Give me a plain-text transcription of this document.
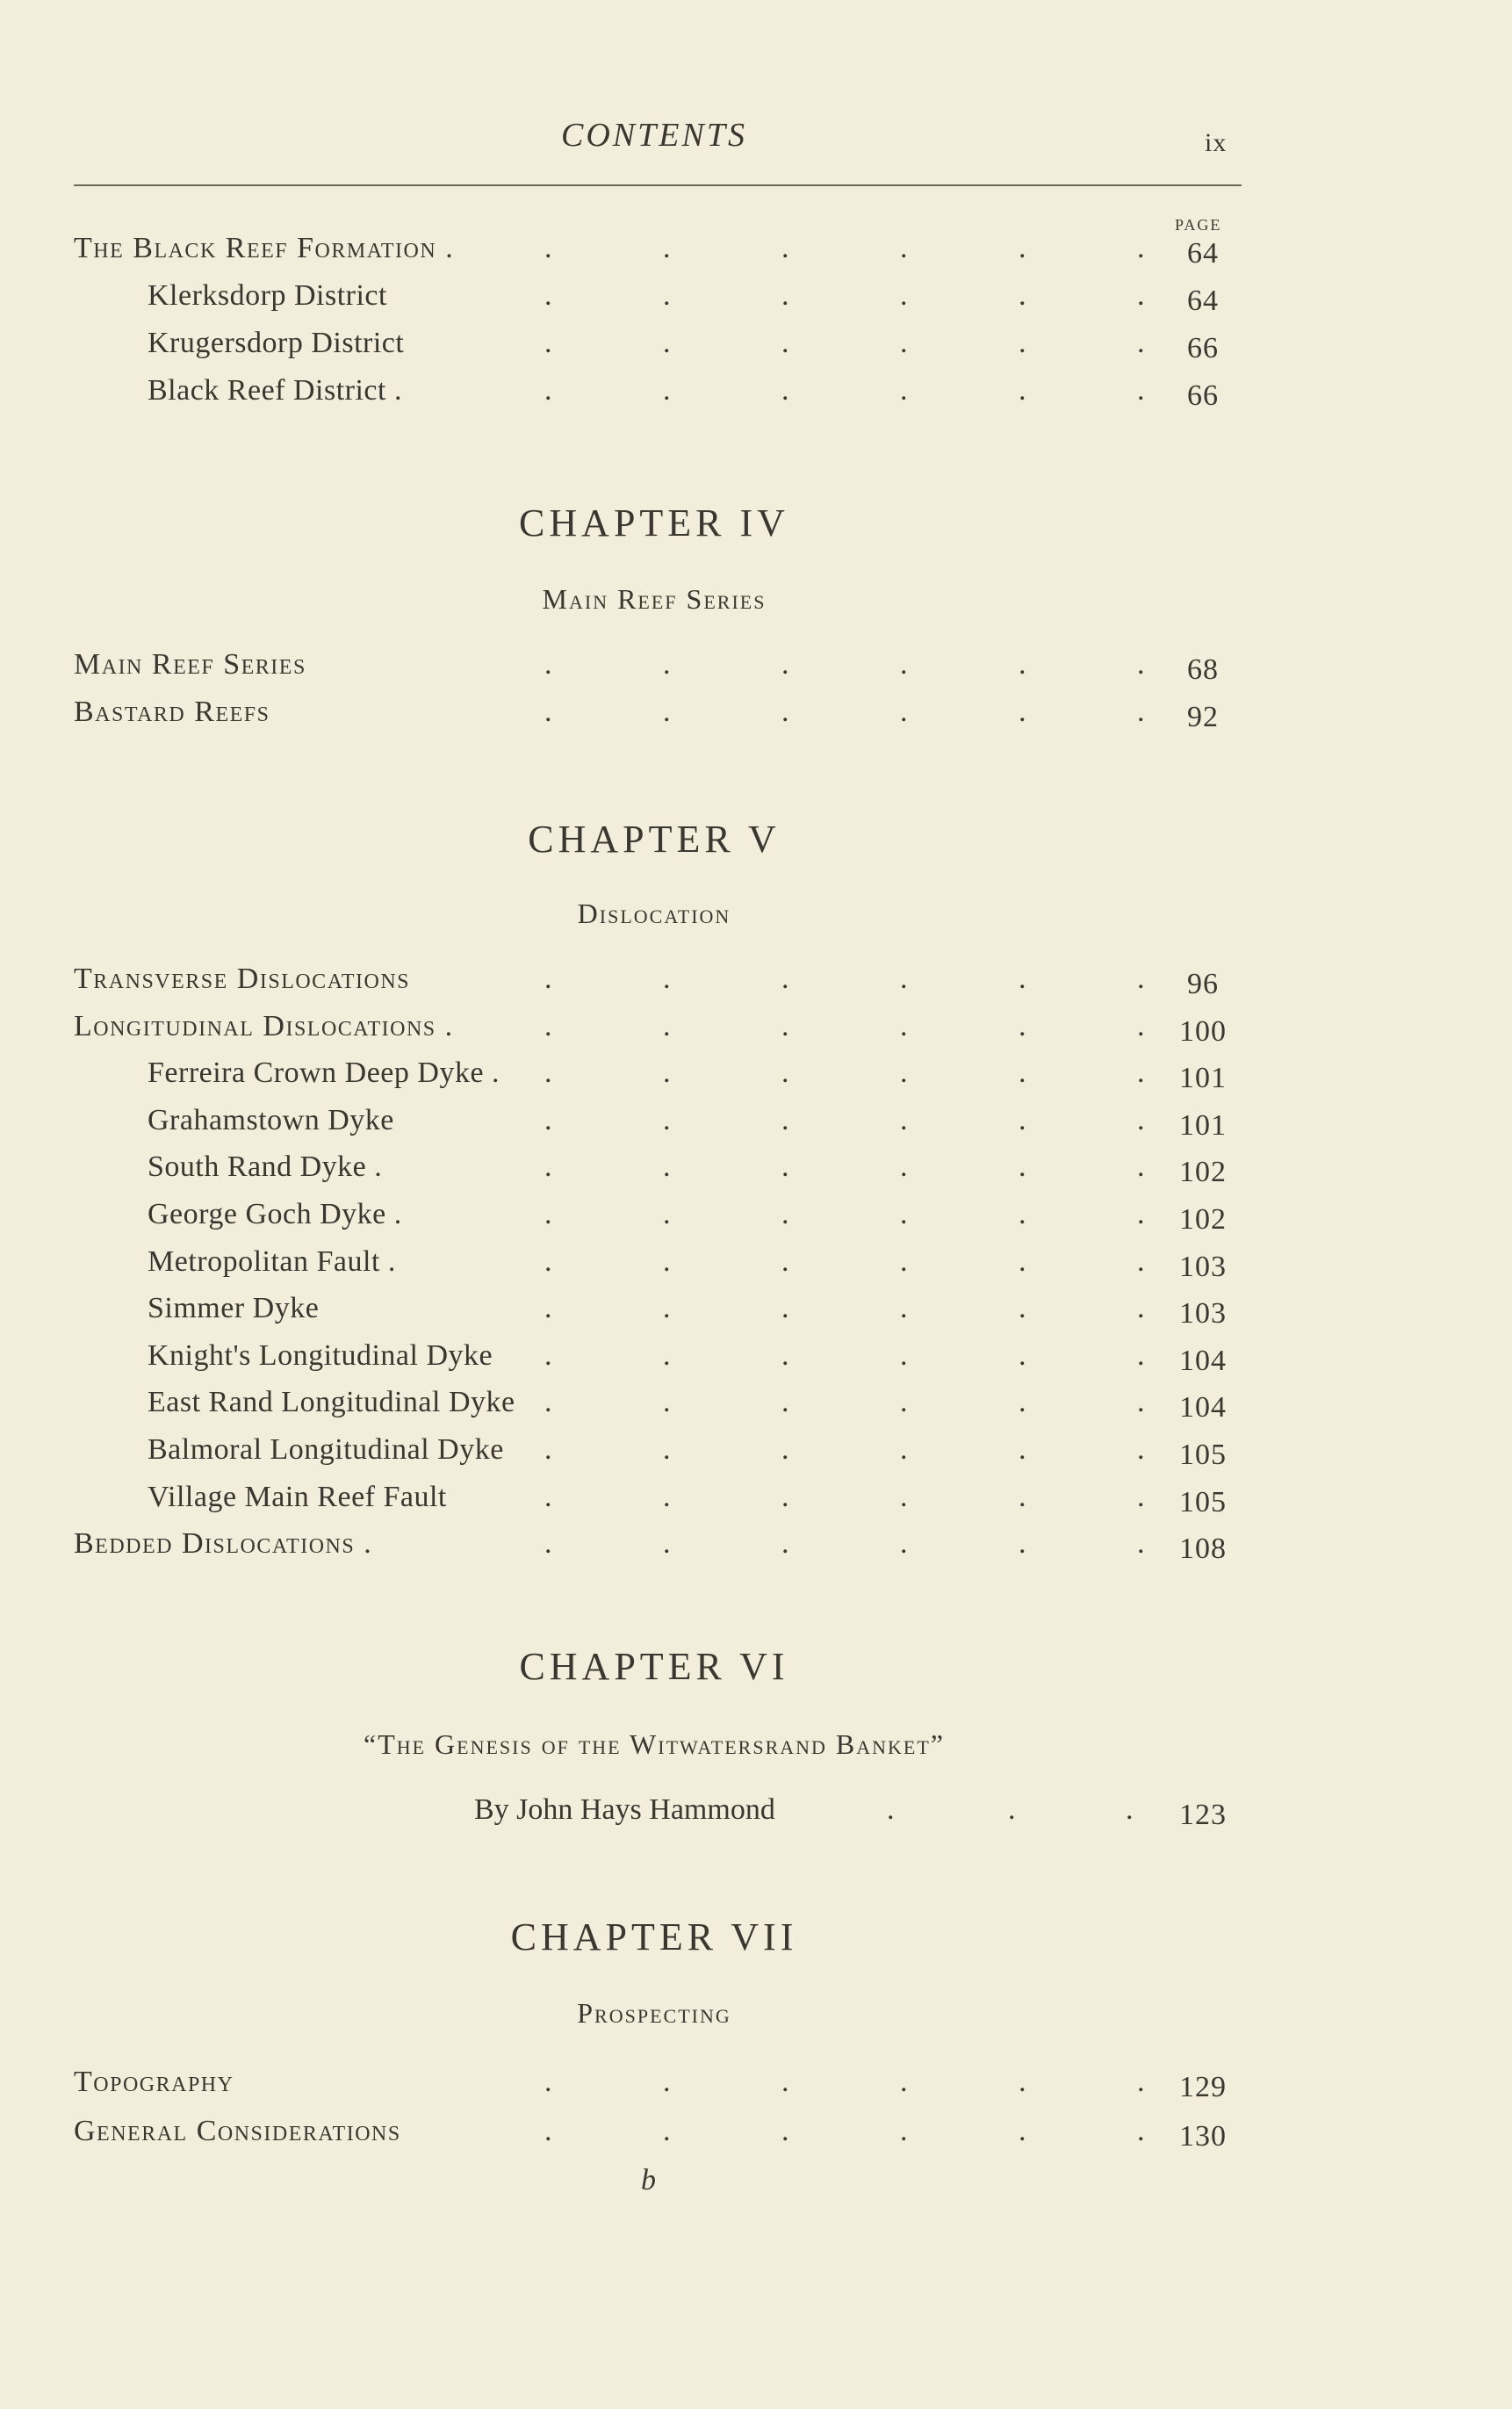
CONTENTS	ix
PAGE
The Black Reef Formation .	.	.	.	.	.	.	64
Klerksdorp District	.	.	.	.	.	.	64
Krugersdorp District	.	.	.	.	.	.	66
Black Reef District .	.	.	.	.	.	.	66
CHAPTER IV
Main Reef Series
Main Reef Series	.	.	.	.	.	.	68
Bastard Reefs	.	.	.	.	.	.	92
CHAPTER V
Dislocation
Transverse Dislocations	.	.	.	.	.	.	96
Longitudinal Dislocations .	.	.	.	.	.	.	100
Ferreira Crown Deep Dyke . .	.	.	.	.	.	101
Grahamstown Dyke	.	.	.	.	.	.	101
South Rand Dyke .	.	.	.	.	.	.	102
George Goch Dyke .	.	.	.	.	.	.	102
Metropolitan Fault .	.	.	.	.	.	.	103
Simmer Dyke	.	.	.	.	.	.	103
Knight's Longitudinal Dyke .	.	.	.	.	.	104
East Rand Longitudinal Dyke .	.	.	.	.	.	104
Balmoral Longitudinal Dyke .	.	.	.	.	.	105
Village Main Reef Fault	.	.	.	.	.	.	105
Bedded Dislocations .	.	.	.	.	.	.	108
CHAPTER VI
“The Genesis of the Witwatersrand Banket”
By John Hays Hammond	.	.	.	123
CHAPTER VII
Prospecting
Topography	.	.	.	.	.	.	129
General Considerations	.	.	.	.	.	.	130
b
